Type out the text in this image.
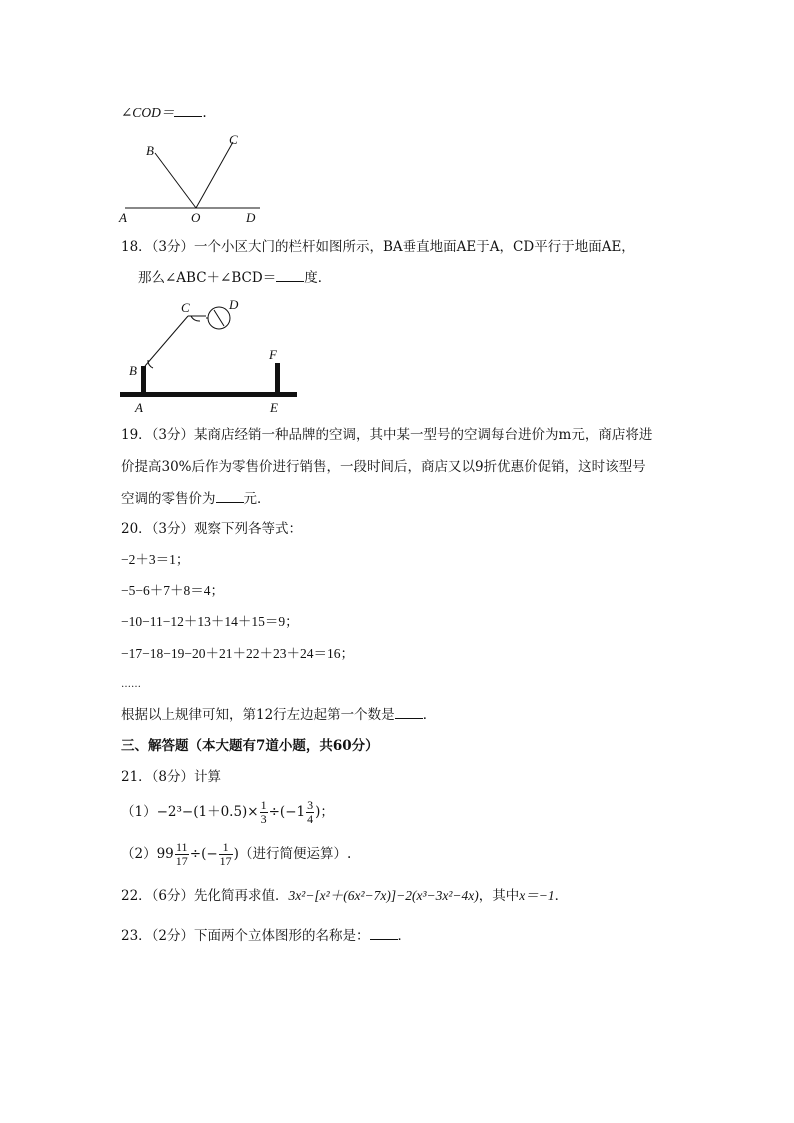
∠COD＝ .
A	O	D
B
C
18．（3分）一个小区大门的栏杆如图所示，BA垂直地面AE于A，CD平行于地面AE，
那么∠ABC＋∠BCD＝ 度．
C	D
B
A	E
F
19．（3分）某商店经销一种品牌的空调，其中某一型号的空调每台进价为m元，商店将进
价提高30%后作为零售价进行销售，一段时间后，商店又以9折优惠价促销，这时该型号
空调的零售价为 元．
20．（3分）观察下列各等式：
−2＋3＝1；
−5−6＋7＋8＝4；
−10−11−12＋13＋14＋15＝9；
−17−18−19−20＋21＋22＋23＋24＝16；
……
根据以上规律可知，第12行左边起第一个数是 ．
三、解答题（本大题有7道小题，共60分）
21．（8分）计算
$(1)-2^3-(1+0.5)\times \frac{1}{3} \div(-1 \frac{3}{4}$ )；
$(2)99 \frac{11}{17}$ ÷(− $\frac{1}{17}$ )（进行简便运算）.
22．（6分）先化简再求值．3x²−[x²＋(6x²−7x)]−2(x³−3x²−4x)，其中x＝−1．
23．（2分）下面两个立体图形的名称是： ．
